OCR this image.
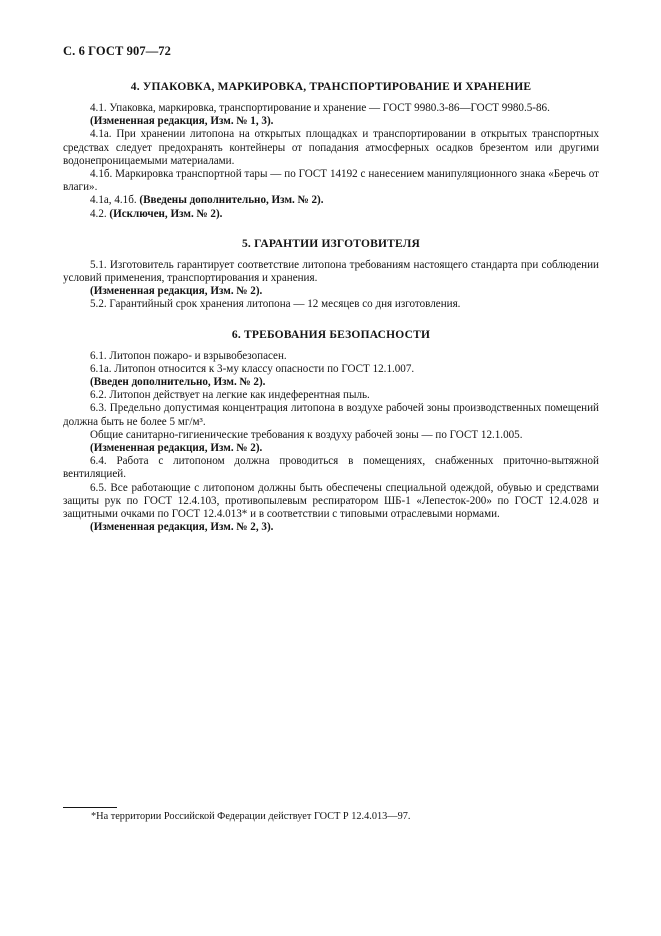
С. 6 ГОСТ 907—72
4. УПАКОВКА, МАРКИРОВКА, ТРАНСПОРТИРОВАНИЕ И ХРАНЕНИЕ

4.1. Упаковка, маркировка, транспортирование и хранение — ГОСТ 9980.3-86—ГОСТ 9980.5-86.

(Измененная редакция, Изм. № 1, 3).

4.1а. При хранении литопона на открытых площадках и транспортировании в открытых транспортных средствах следует предохранять контейнеры от попадания атмосферных осадков брезентом или другими водонепроницаемыми материалами.

4.1б. Маркировка транспортной тары — по ГОСТ 14192 с нанесением манипуляционного знака «Беречь от влаги».

4.1а, 4.1б. (Введены дополнительно, Изм. № 2).

4.2. (Исключен, Изм. № 2).

5. ГАРАНТИИ ИЗГОТОВИТЕЛЯ

5.1. Изготовитель гарантирует соответствие литопона требованиям настоящего стандарта при соблюдении условий применения, транспортирования и хранения.

(Измененная редакция, Изм. № 2).

5.2. Гарантийный срок хранения литопона — 12 месяцев со дня изготовления.

6. ТРЕБОВАНИЯ БЕЗОПАСНОСТИ

6.1. Литопон пожаро- и взрывобезопасен.

6.1а. Литопон относится к 3-му классу опасности по ГОСТ 12.1.007.

(Введен дополнительно, Изм. № 2).

6.2. Литопон действует на легкие как индеферентная пыль.

6.3. Предельно допустимая концентрация литопона в воздухе рабочей зоны производственных помещений должна быть не более 5 мг/м³.

Общие санитарно-гигиенические требования к воздуху рабочей зоны — по ГОСТ 12.1.005.

(Измененная редакция, Изм. № 2).

6.4. Работа с литопоном должна проводиться в помещениях, снабженных приточно-вытяжной вентиляцией.

6.5. Все работающие с литопоном должны быть обеспечены специальной одеждой, обувью и средствами защиты рук по ГОСТ 12.4.103, противопылевым респиратором ШБ-1 «Лепесток-200» по ГОСТ 12.4.028 и защитными очками по ГОСТ 12.4.013* и в соответствии с типовыми отраслевыми нормами.

(Измененная редакция, Изм. № 2, 3).

*На территории Российской Федерации действует ГОСТ Р 12.4.013—97.
